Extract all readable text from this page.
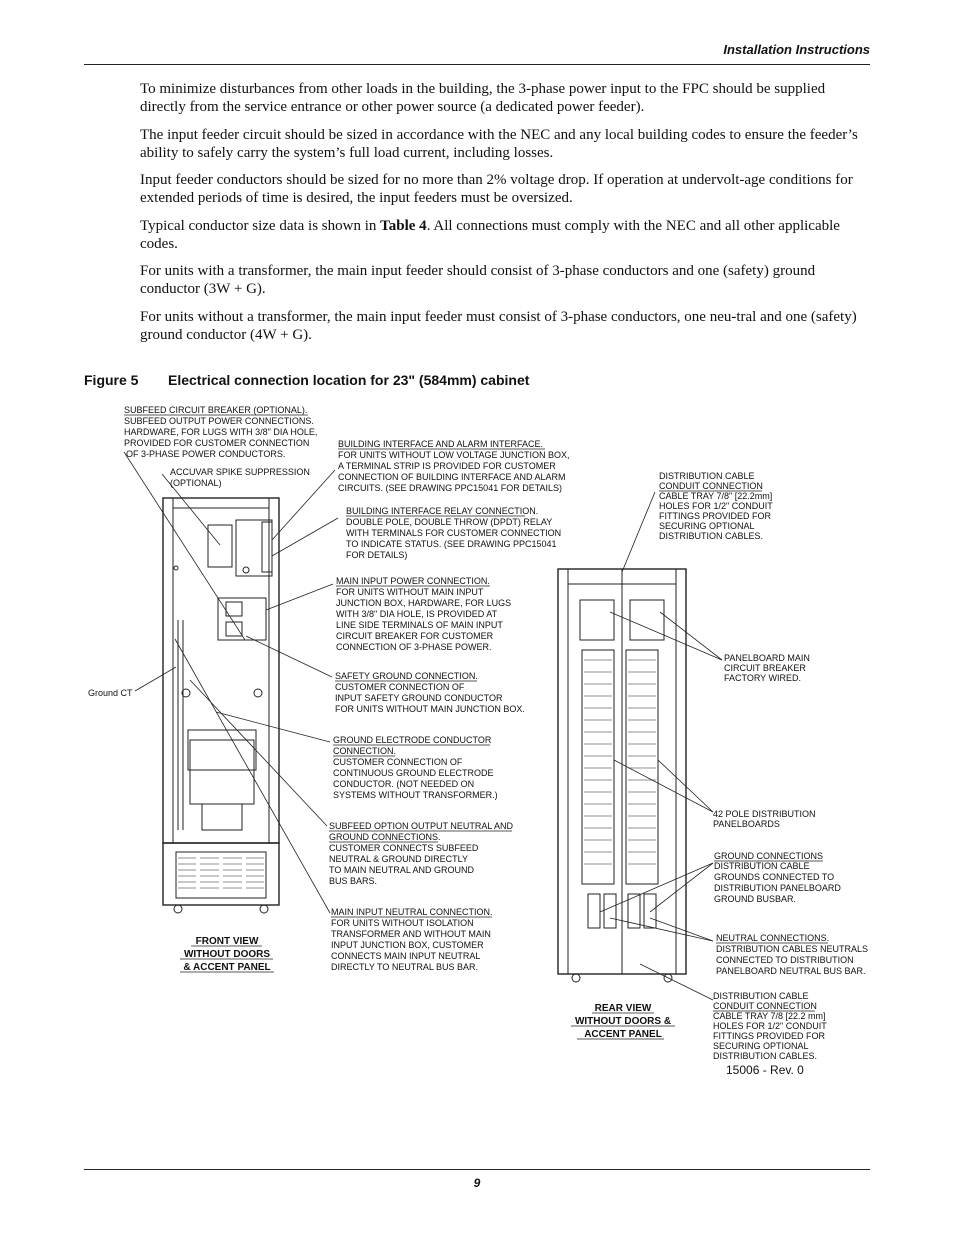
Installation Instructions

To minimize disturbances from other loads in the building, the 3-phase power input to the FPC should be supplied directly from the service entrance or other power source (a dedicated power feeder).

The input feeder circuit should be sized in accordance with the NEC and any local building codes to ensure the feeder’s ability to safely carry the system’s full load current, including losses.

Input feeder conductors should be sized for no more than 2% voltage drop. If operation at undervolt-age conditions for extended periods of time is desired, the input feeders must be oversized.

Typical conductor size data is shown in Table 4. All connections must comply with the NEC and all other applicable codes.

For units with a transformer, the main input feeder should consist of 3-phase conductors and one (safety) ground conductor (3W + G).

For units without a transformer, the main input feeder must consist of 3-phase conductors, one neu-tral and one (safety) ground conductor (4W + G).

Figure 5 Electrical connection location for 23" (584mm) cabinet
SUBFEED CIRCUIT BREAKER (OPTIONAL).
SUBFEED OUTPUT POWER CONNECTIONS.
HARDWARE, FOR LUGS WITH 3/8" DIA HOLE,
PROVIDED FOR CUSTOMER CONNECTION
OF 3-PHASE POWER CONDUCTORS.
ACCUVAR SPIKE SUPPRESSION
(OPTIONAL)
BUILDING INTERFACE AND ALARM INTERFACE.
FOR UNITS WITHOUT LOW VOLTAGE JUNCTION BOX,
A TERMINAL STRIP IS PROVIDED FOR CUSTOMER
CONNECTION OF BUILDING INTERFACE AND ALARM
CIRCUITS. (SEE DRAWING PPC15041 FOR DETAILS)
BUILDING INTERFACE RELAY CONNECTION.
DOUBLE POLE, DOUBLE THROW (DPDT) RELAY
WITH TERMINALS FOR CUSTOMER CONNECTION
TO INDICATE STATUS. (SEE DRAWING PPC15041
FOR DETAILS)
MAIN INPUT POWER CONNECTION.
FOR UNITS WITHOUT MAIN INPUT
JUNCTION BOX, HARDWARE, FOR LUGS
WITH 3/8" DIA HOLE, IS PROVIDED AT
LINE SIDE TERMINALS OF MAIN INPUT
CIRCUIT BREAKER FOR CUSTOMER
CONNECTION OF 3-PHASE POWER.
SAFETY GROUND CONNECTION.
CUSTOMER CONNECTION OF
INPUT SAFETY GROUND CONDUCTOR
FOR UNITS WITHOUT MAIN JUNCTION BOX.
Ground CT
GROUND ELECTRODE CONDUCTOR
CONNECTION.
CUSTOMER CONNECTION OF
CONTINUOUS GROUND ELECTRODE
CONDUCTOR. (NOT NEEDED ON
SYSTEMS WITHOUT TRANSFORMER.)
SUBFEED OPTION OUTPUT NEUTRAL AND
GROUND CONNECTIONS.
CUSTOMER CONNECTS SUBFEED
NEUTRAL & GROUND DIRECTLY
TO MAIN NEUTRAL AND GROUND
BUS BARS.
MAIN INPUT NEUTRAL CONNECTION.
FOR UNITS WITHOUT ISOLATION
TRANSFORMER AND WITHOUT MAIN
INPUT JUNCTION BOX, CUSTOMER
CONNECTS MAIN INPUT NEUTRAL
DIRECTLY TO NEUTRAL BUS BAR.
FRONT VIEW
WITHOUT DOORS
& ACCENT PANEL
DISTRIBUTION CABLE
CONDUIT CONNECTION
CABLE TRAY 7/8" [22.2mm]
HOLES FOR 1/2" CONDUIT
FITTINGS PROVIDED FOR
SECURING OPTIONAL
DISTRIBUTION CABLES.
PANELBOARD MAIN
CIRCUIT BREAKER
FACTORY WIRED.
42 POLE DISTRIBUTION
PANELBOARDS
GROUND CONNECTIONS
DISTRIBUTION CABLE
GROUNDS CONNECTED TO
DISTRIBUTION PANELBOARD
GROUND BUSBAR.
NEUTRAL CONNECTIONS.
DISTRIBUTION CABLES NEUTRALS
CONNECTED TO DISTRIBUTION
PANELBOARD NEUTRAL BUS BAR.
REAR VIEW
WITHOUT DOORS &
ACCENT PANEL
DISTRIBUTION CABLE
CONDUIT CONNECTION
CABLE TRAY 7/8 [22.2 mm]
HOLES FOR 1/2" CONDUIT
FITTINGS PROVIDED FOR
SECURING OPTIONAL
DISTRIBUTION CABLES.
15006 - Rev. 0
9
